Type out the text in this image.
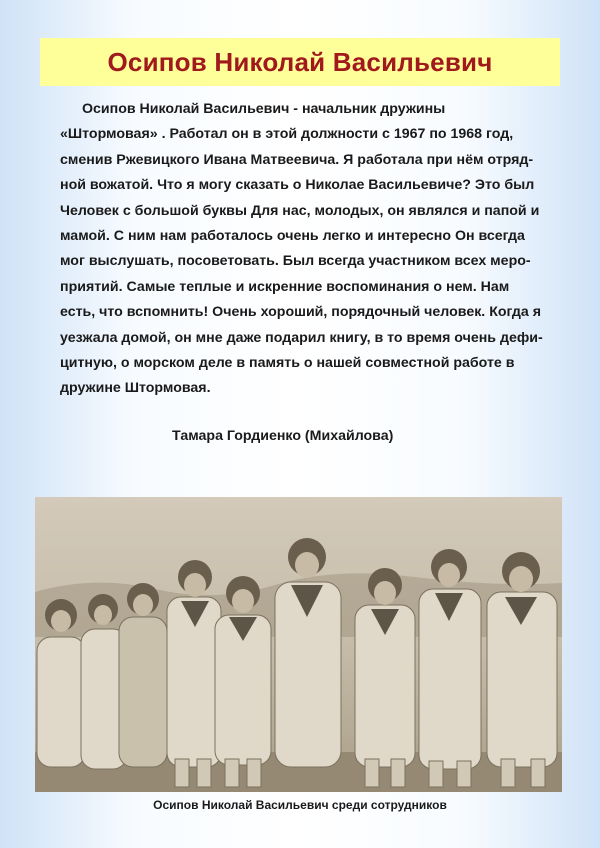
Осипов Николай Васильевич
Осипов Николай Васильевич - начальник дружины
«Штормовая» . Работал он в этой должности с 1967 по 1968 год,
сменив Ржевицкого Ивана Матвеевича. Я работала при нём отряд-
ной вожатой. Что я могу сказать о Николае Васильевиче? Это был
Человек с большой буквы Для нас, молодых, он являлся и папой и
мамой. С ним нам работалось очень легко и интересно Он всегда
мог выслушать, посоветовать. Был всегда участником всех меро-
приятий. Самые теплые и искренние воспоминания о нем. Нам
есть, что вспомнить! Очень хороший, порядочный человек. Когда я
уезжала домой, он мне даже подарил книгу, в то время очень дефи-
цитную, о морском деле в память о нашей совместной работе в
дружине Штормовая.
Тамара Гордиенко (Михайлова)
Осипов Николай Васильевич среди сотрудников
